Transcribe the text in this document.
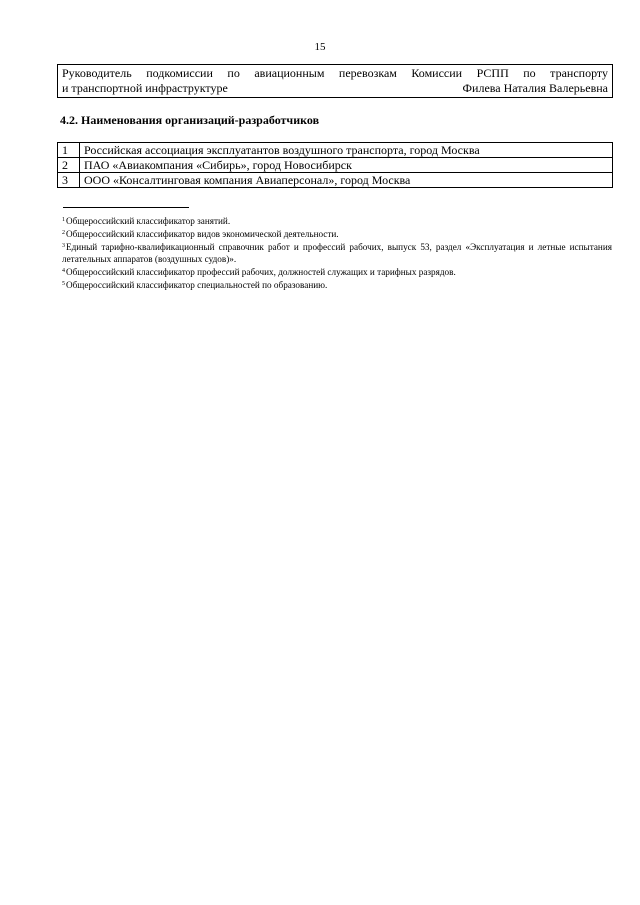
15
Руководитель подкомиссии по авиационным перевозкам Комиссии РСПП по транспорту
и транспортной инфраструктуре	Филева Наталия Валерьевна
4.2. Наименования организаций-разработчиков
1	Российская ассоциация эксплуатантов воздушного транспорта, город Москва
2	ПАО «Авиакомпания «Сибирь», город Новосибирск
3	ООО «Консалтинговая компания Авиаперсонал», город Москва

$^1$Общероссийский классификатор занятий.

$^2$Общероссийский классификатор видов экономической деятельности.

$^3$Единый тарифно-квалификационный справочник работ и профессий рабочих, выпуск 53, раздел «Эксплуатация и летные испытания летательных аппаратов (воздушных судов)».

$^4$Общероссийский классификатор профессий рабочих, должностей служащих и тарифных разрядов.

$^5$Общероссийский классификатор специальностей по образованию.
